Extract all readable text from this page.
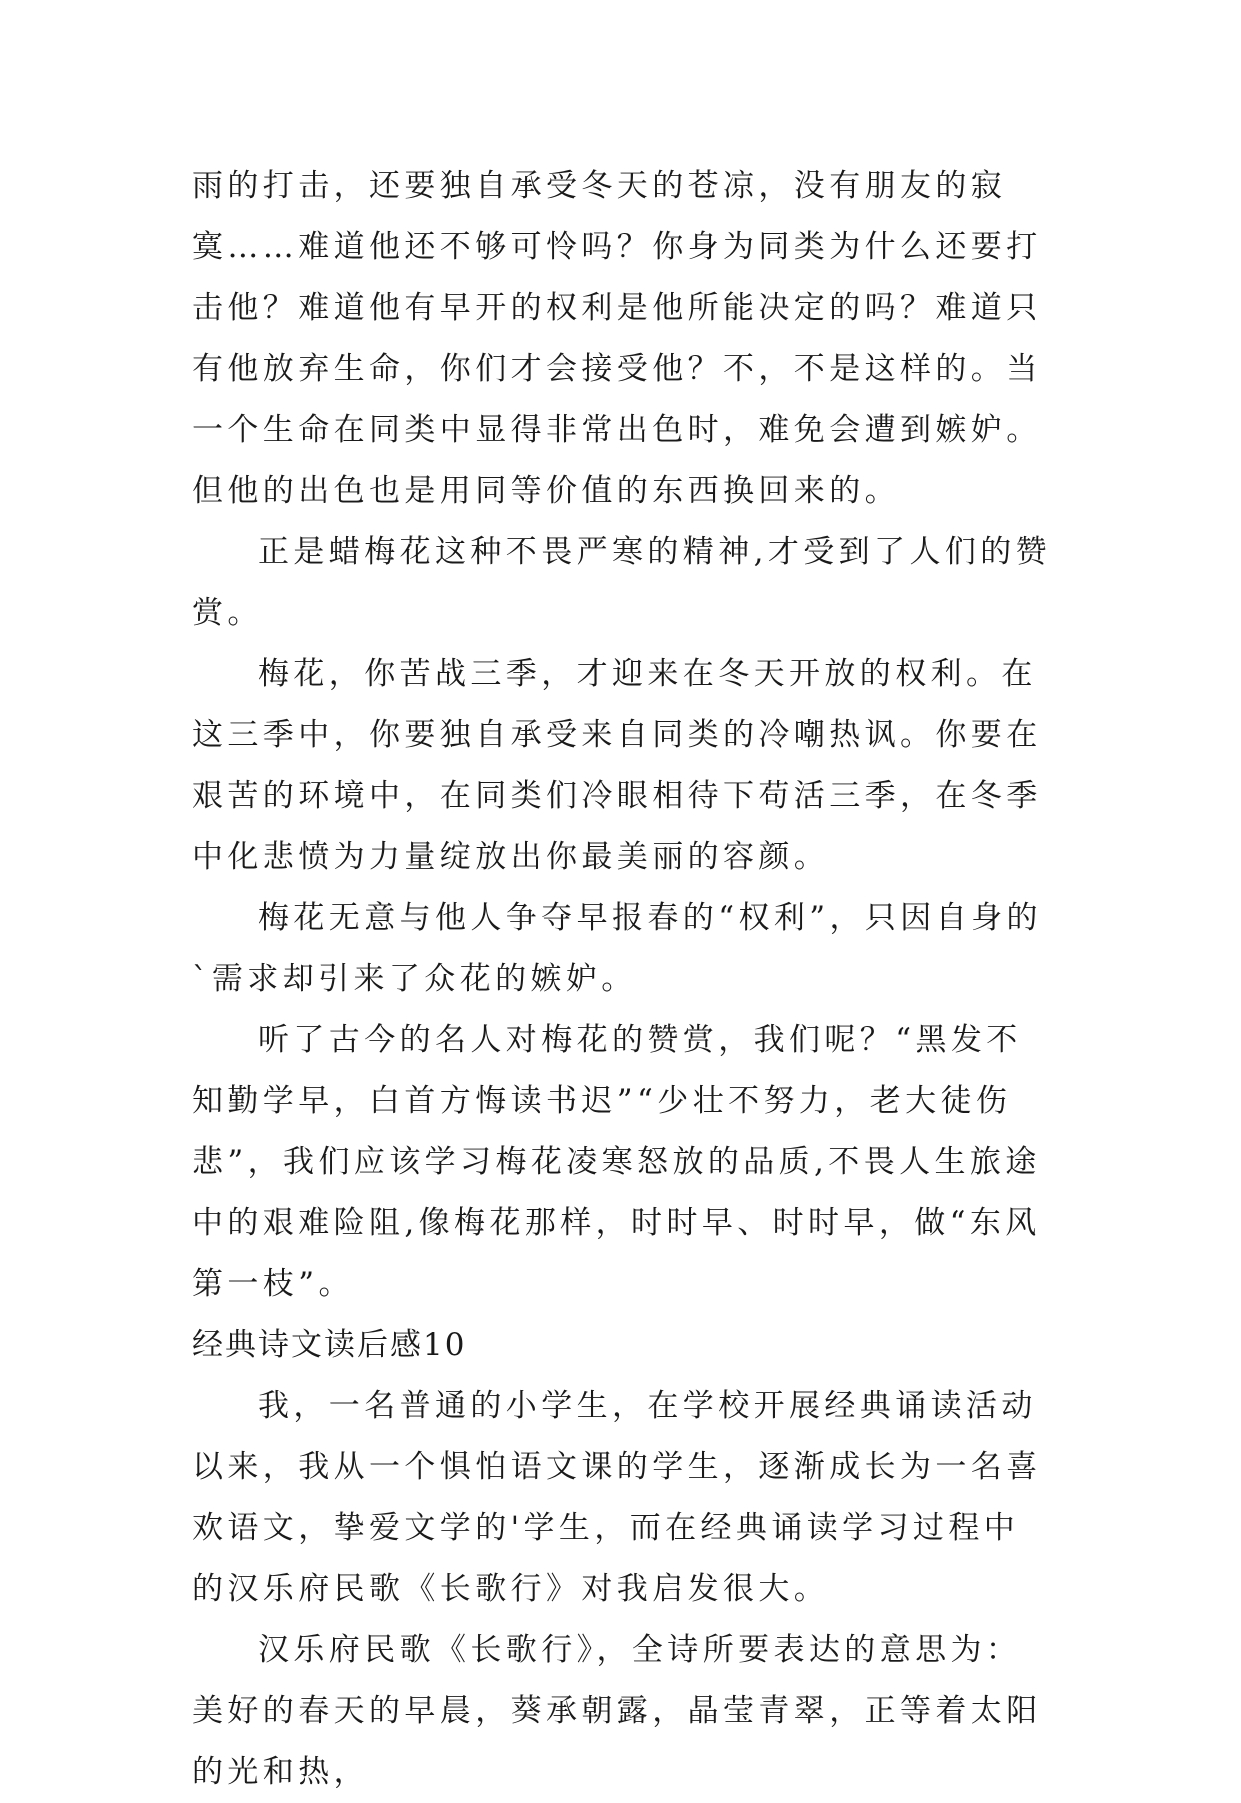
雨的打击，还要独自承受冬天的苍凉，没有朋友的寂寞……难道他还不够可怜吗？你身为同类为什么还要打击他？难道他有早开的权利是他所能决定的吗？难道只有他放弃生命，你们才会接受他？不，不是这样的。当一个生命在同类中显得非常出色时，难免会遭到嫉妒。但他的出色也是用同等价值的东西换回来的。

正是蜡梅花这种不畏严寒的精神,才受到了人们的赞赏。

梅花，你苦战三季，才迎来在冬天开放的权利。在这三季中，你要独自承受来自同类的冷嘲热讽。你要在艰苦的环境中，在同类们冷眼相待下苟活三季，在冬季中化悲愤为力量绽放出你最美丽的容颜。

梅花无意与他人争夺早报春的“权利”，只因自身的`需求却引来了众花的嫉妒。

听了古今的名人对梅花的赞赏，我们呢？“黑发不知勤学早，白首方悔读书迟”“少壮不努力，老大徒伤悲”，我们应该学习梅花凌寒怒放的品质,不畏人生旅途中的艰难险阻,像梅花那样，时时早、时时早，做“东风第一枝”。

经典诗文读后感10

我，一名普通的小学生，在学校开展经典诵读活动以来，我从一个惧怕语文课的学生，逐渐成长为一名喜欢语文，挚爱文学的'学生，而在经典诵读学习过程中的汉乐府民歌《长歌行》对我启发很大。

汉乐府民歌《长歌行》，全诗所要表达的意思为：美好的春天的早晨，葵承朝露，晶莹青翠，正等着太阳的光和热，
